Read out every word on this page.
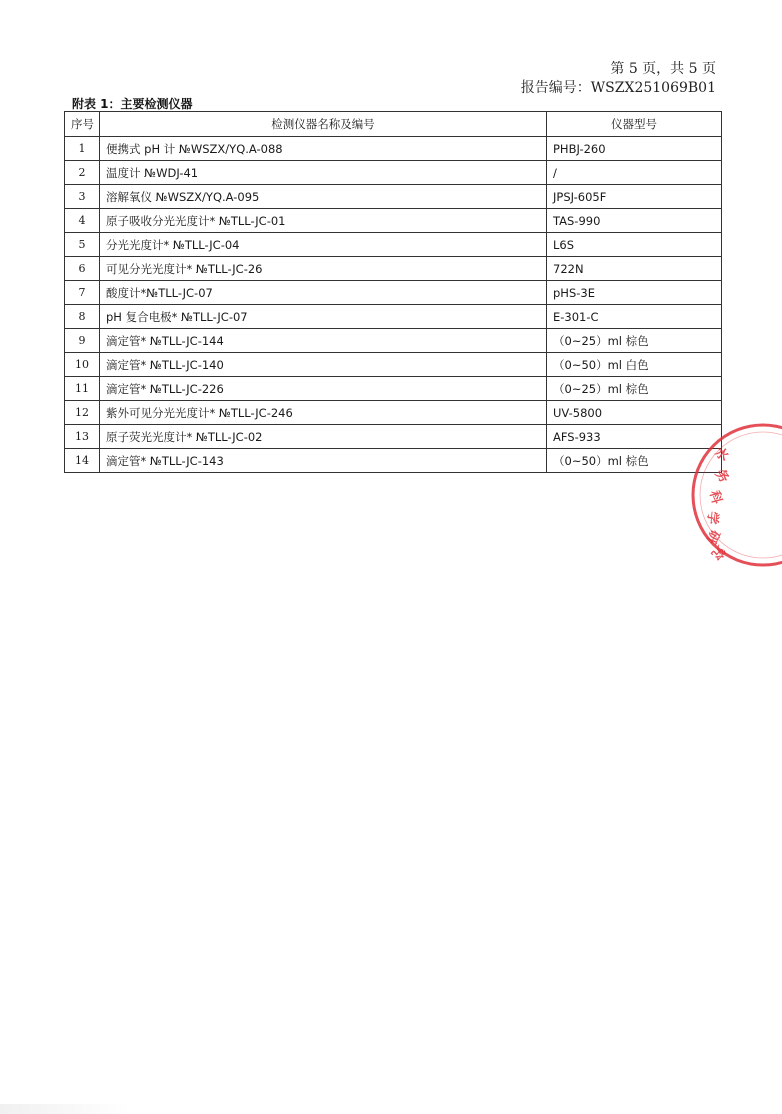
第 5 页，共 5 页
报告编号：WSZX251069B01
附表 1：主要检测仪器
序号	检测仪器名称及编号	仪器型号
1	便携式 pH 计 №WSZX/YQ.A-088	PHBJ-260
2	温度计 №WDJ-41	/
3	溶解氧仪 №WSZX/YQ.A-095	JPSJ-605F
4	原子吸收分光光度计* №TLL-JC-01	TAS-990
5	分光光度计* №TLL-JC-04	L6S
6	可见分光光度计* №TLL-JC-26	722N
7	酸度计*№TLL-JC-07	pHS-3E
8	pH 复合电极* №TLL-JC-07	E-301-C
9	滴定管* №TLL-JC-144	（0~25）ml 棕色
10	滴定管* №TLL-JC-140	（0~50）ml 白色
11	滴定管* №TLL-JC-226	（0~25）ml 棕色
12	紫外可见分光光度计* №TLL-JC-246	UV-5800
13	原子荧光光度计* №TLL-JC-02	AFS-933
14	滴定管* №TLL-JC-143	（0~50）ml 棕色	水
务
科
学
研
究
